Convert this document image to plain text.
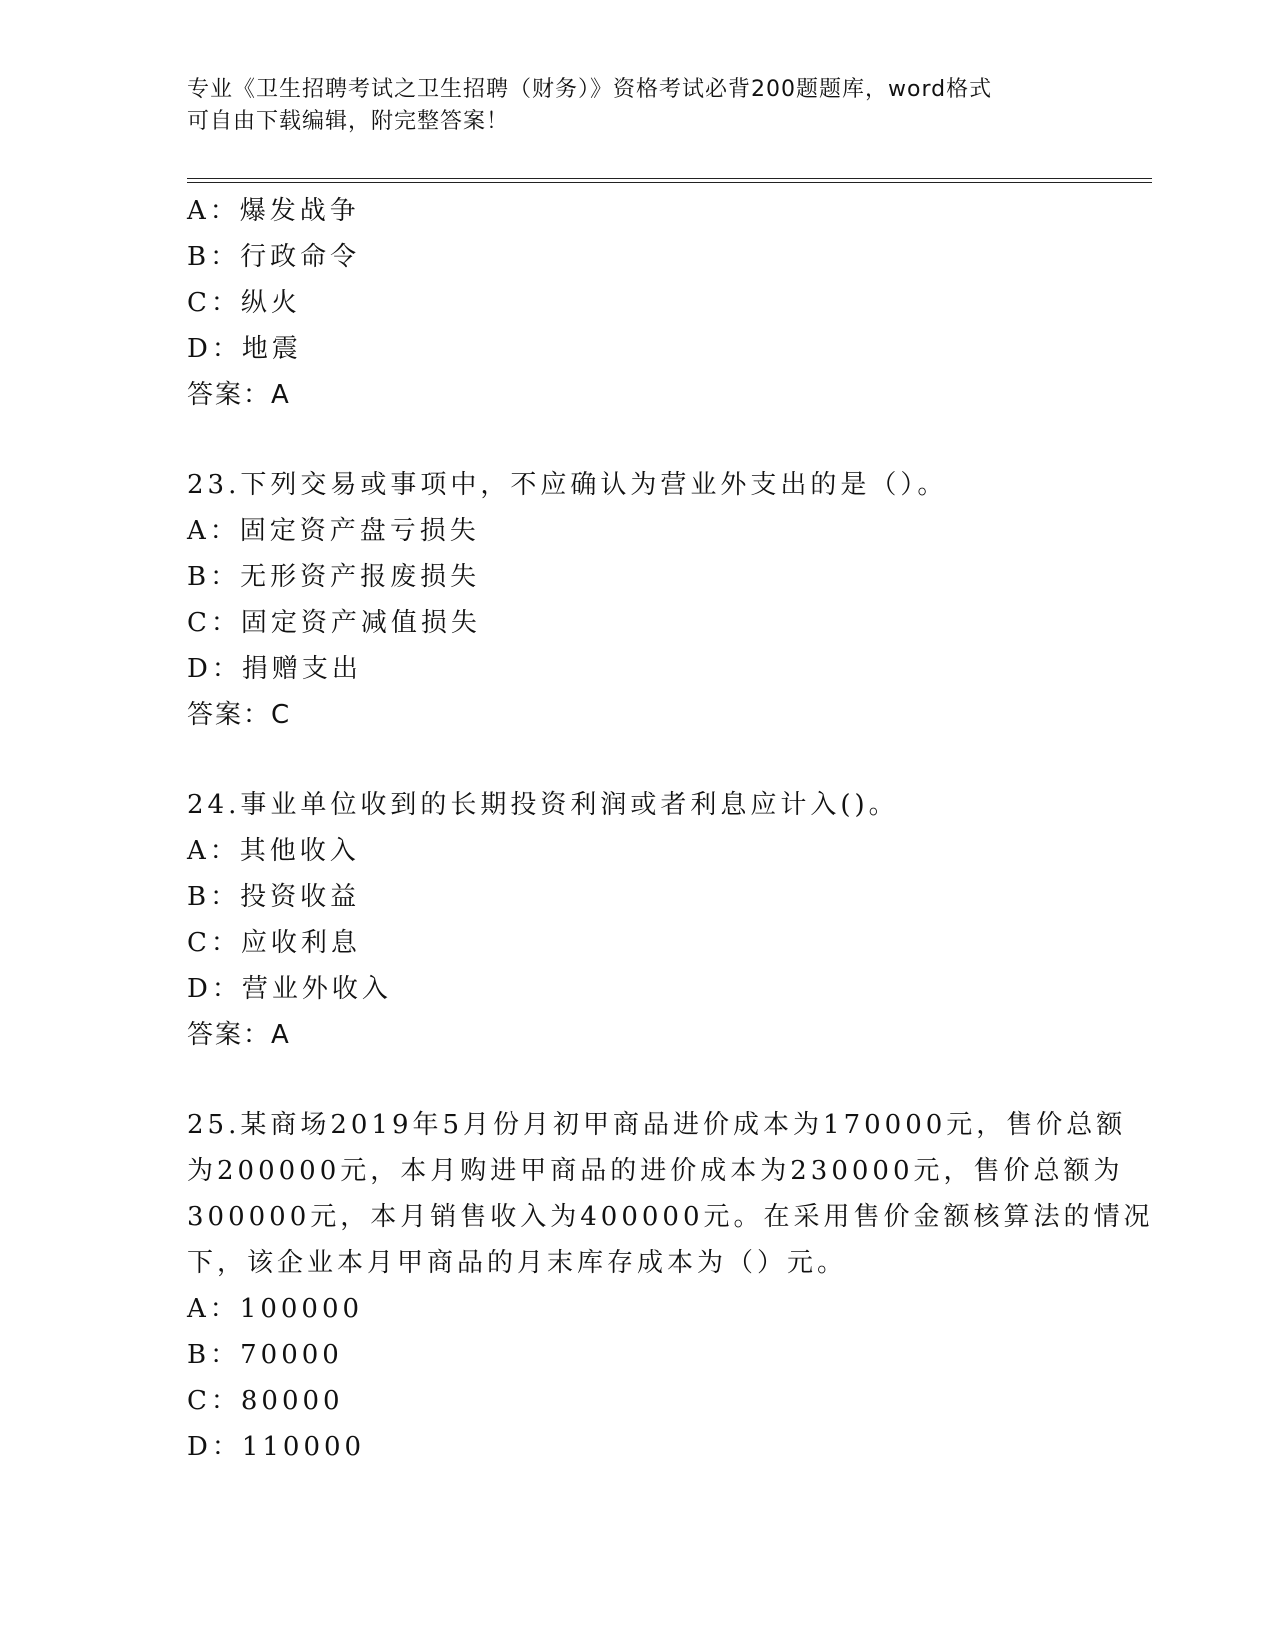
专业《卫生招聘考试之卫生招聘（财务）》资格考试必背200题题库，word格式
可自由下载编辑，附完整答案！
A：爆发战争
B：行政命令
C：纵火
D：地震
答案：A
23.下列交易或事项中，不应确认为营业外支出的是（）。
A：固定资产盘亏损失
B：无形资产报废损失
C：固定资产减值损失
D：捐赠支出
答案：C
24.事业单位收到的长期投资利润或者利息应计入()。
A：其他收入
B：投资收益
C：应收利息
D：营业外收入
答案：A
25.某商场2019年5月份月初甲商品进价成本为170000元，售价总额
为200000元，本月购进甲商品的进价成本为230000元，售价总额为
300000元，本月销售收入为400000元。在采用售价金额核算法的情况
下，该企业本月甲商品的月末库存成本为（）元。
A：100000
B：70000
C：80000
D：110000
